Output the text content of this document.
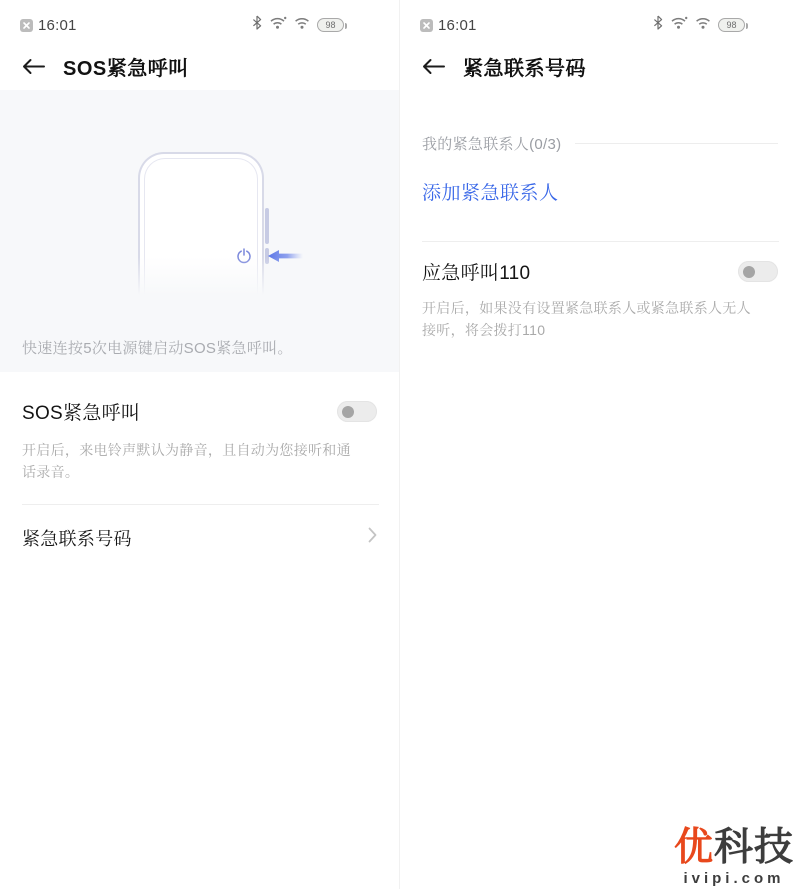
16:01	98
SOS紧急呼叫
快速连按5次电源键启动SOS紧急呼叫。
SOS紧急呼叫
开启后，来电铃声默认为静音，且自动为您接听和通话录音。
紧急联系号码
16:01	98
紧急联系号码
我的紧急联系人(0/3)
添加紧急联系人
应急呼叫110
开启后，如果没有设置紧急联系人或紧急联系人无人接听，将会拨打110
优科技
ivipi.com
